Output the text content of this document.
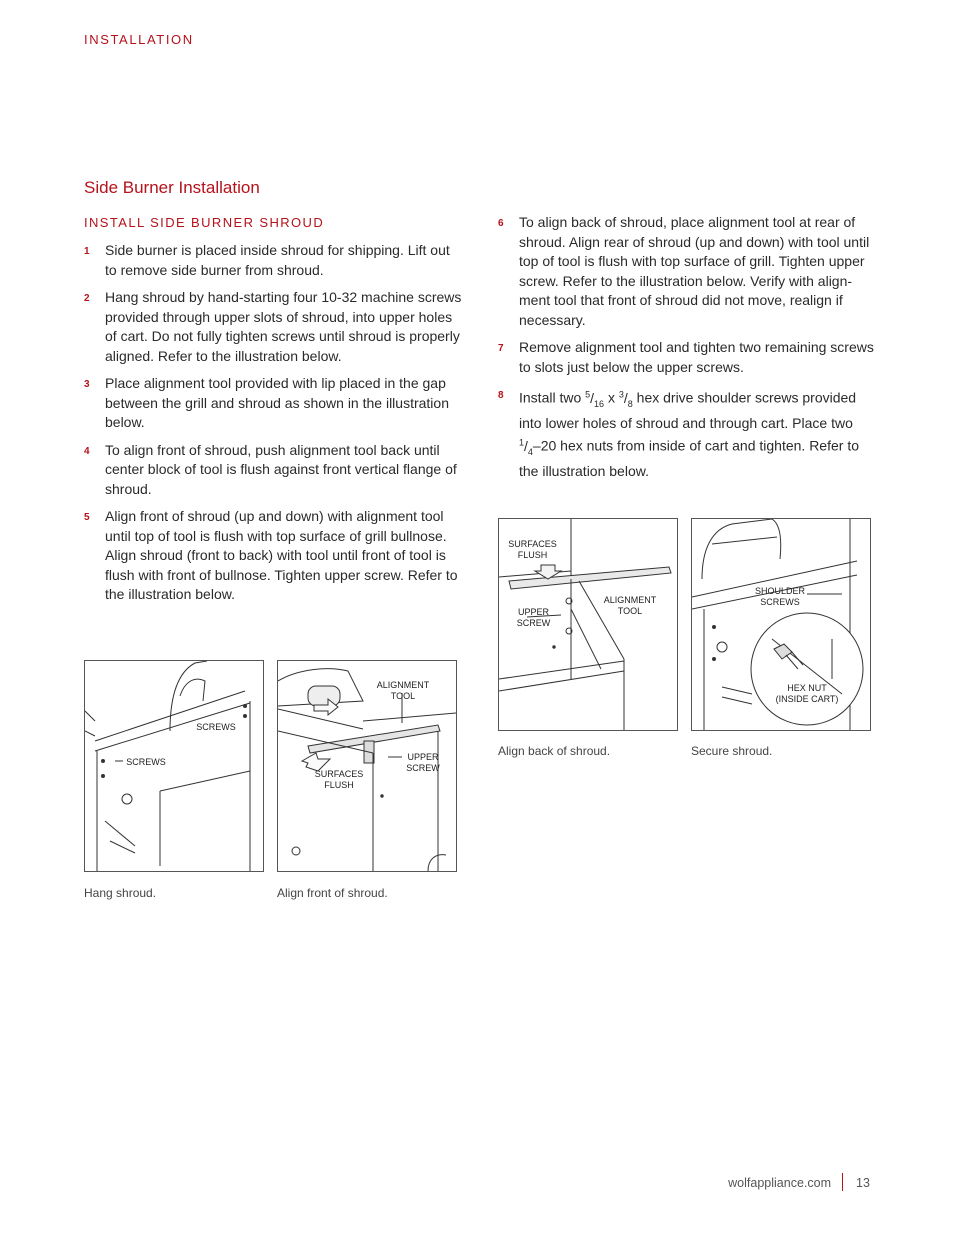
INSTALLATION
Side Burner Installation
INSTALL SIDE BURNER SHROUD
1 Side burner is placed inside shroud for shipping. Lift out to remove side burner from shroud.
2 Hang shroud by hand-starting four 10-32 machine screws provided through upper slots of shroud, into upper holes of cart. Do not fully tighten screws until shroud is properly aligned. Refer to the illustration below.
3 Place alignment tool provided with lip placed in the gap between the grill and shroud as shown in the illustration below.
4 To align front of shroud, push alignment tool back until center block of tool is flush against front vertical flange of shroud.
5 Align front of shroud (up and down) with alignment tool until top of tool is flush with top surface of grill bullnose. Align shroud (front to back) with tool until front of tool is flush with front of bullnose. Tighten upper screw. Refer to the illustration below.
6 To align back of shroud, place alignment tool at rear of shroud. Align rear of shroud (up and down) with tool until top of tool is flush with top surface of grill. Tighten upper screw. Refer to the illustration below. Verify with align-ment tool that front of shroud did not move, realign if necessary.
7 Remove alignment tool and tighten two remaining screws to slots just below the upper screws.
8 Install two $^5/_{16}$ x $^3/_8$ hex drive shoulder screws provided into lower holes of shroud and through cart. Place two $^1/_4-20$ hex nuts from inside of cart and tighten. Refer to the illustration below.
SURFACES FLUSH
UPPER SCREW
ALIGNMENT TOOL
Align back of shroud.
SHOULDER SCREWS
HEX NUT (INSIDE CART)
Secure shroud.
SCREWS
SCREWS
Hang shroud.
ALIGNMENT TOOL
UPPER SCREW
SURFACES FLUSH
Align front of shroud.
wolfappliance.com 13
